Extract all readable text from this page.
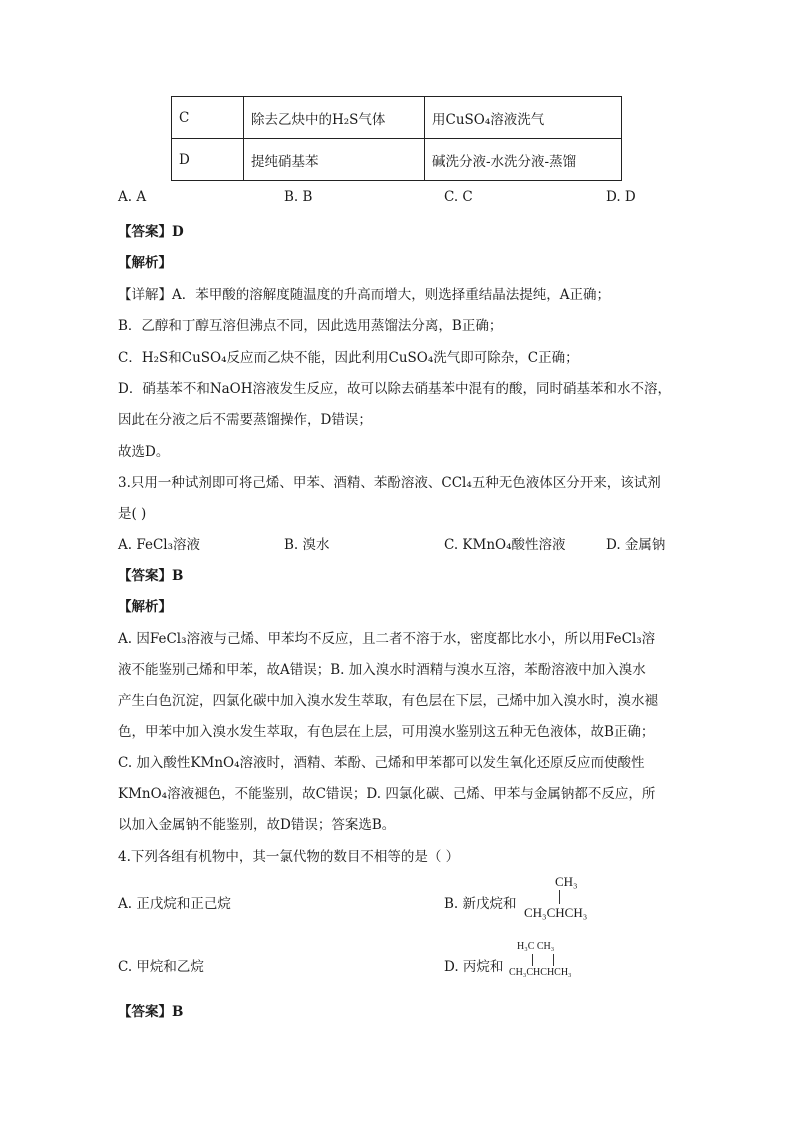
C	除去乙炔中的H₂S气体	用CuSO₄溶液洗气
D	提纯硝基苯	碱洗分液-水洗分液-蒸馏
A. A	B. B	C. C	D. D
【答案】D
【解析】
【详解】A．苯甲酸的溶解度随温度的升高而增大，则选择重结晶法提纯，A正确；
B．乙醇和丁醇互溶但沸点不同，因此选用蒸馏法分离，B正确；
C．H₂S和CuSO₄反应而乙炔不能，因此利用CuSO₄洗气即可除杂，C正确；
D．硝基苯不和NaOH溶液发生反应，故可以除去硝基苯中混有的酸，同时硝基苯和水不溶，
因此在分液之后不需要蒸馏操作，D错误；
故选D。
3.只用一种试剂即可将己烯、甲苯、酒精、苯酚溶液、CCl₄五种无色液体区分开来，该试剂
是( )
A. FeCl₃溶液	B. 溴水	C. KMnO₄酸性溶液	D. 金属钠
【答案】B
【解析】
A. 因FeCl₃溶液与己烯、甲苯均不反应，且二者不溶于水，密度都比水小，所以用FeCl₃溶
液不能鉴别己烯和甲苯，故A错误；B. 加入溴水时酒精与溴水互溶，苯酚溶液中加入溴水
产生白色沉淀，四氯化碳中加入溴水发生萃取，有色层在下层，己烯中加入溴水时，溴水褪
色，甲苯中加入溴水发生萃取，有色层在上层，可用溴水鉴别这五种无色液体，故B正确；
C. 加入酸性KMnO₄溶液时，酒精、苯酚、己烯和甲苯都可以发生氧化还原反应而使酸性
KMnO₄溶液褪色，不能鉴别，故C错误；D. 四氯化碳、己烯、甲苯与金属钠都不反应，所
以加入金属钠不能鉴别，故D错误；答案选B。
4.下列各组有机物中，其一氯代物的数目不相等的是（ ）
A. 正戊烷和正己烷	B. 新戊烷和
CH₃
CH₃CHCH₃
C. 甲烷和乙烷	D. 丙烷和
H₃C CH₃
CH₃CHCHCH₃
【答案】B
